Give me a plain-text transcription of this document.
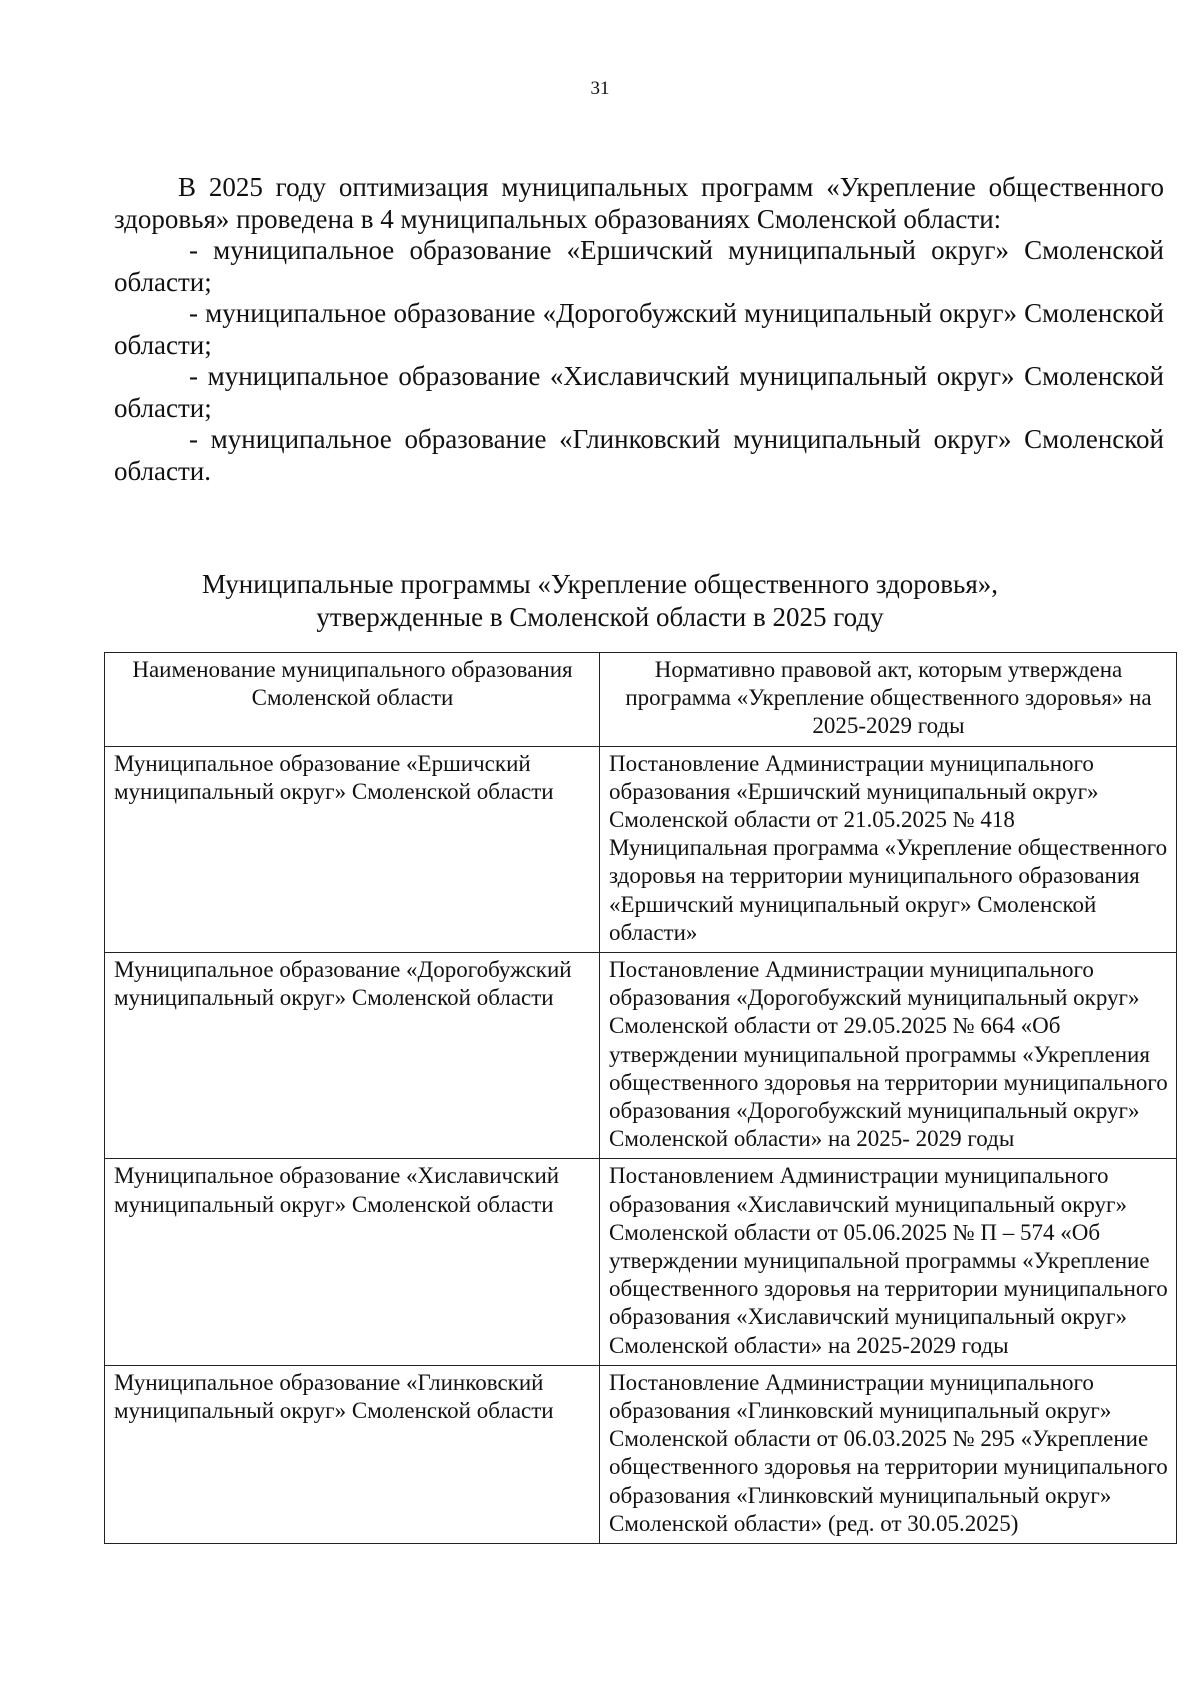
31

В 2025 году оптимизация муниципальных программ «Укрепление общественного здоровья» проведена в 4 муниципальных образованиях Смоленской области:

- муниципальное образование «Ершичский муниципальный округ» Смоленской области;

- муниципальное образование «Дорогобужский муниципальный округ» Смоленской области;

- муниципальное образование «Хиславичский муниципальный округ» Смоленской области;

- муниципальное образование «Глинковский муниципальный округ» Смоленской области.

Муниципальные программы «Укрепление общественного здоровья»,
утвержденные в Смоленской области в 2025 году
Наименование муниципального образования Смоленской области	Нормативно правовой акт, которым утверждена программа «Укрепление общественного здоровья» на 2025-2029 годы
Муниципальное образование «Ершичский муниципальный округ» Смоленской области	Постановление Администрации муниципального образования «Ершичский муниципальный округ» Смоленской области от 21.05.2025 № 418 Муниципальная программа «Укрепление общественного здоровья на территории муниципального образования «Ершичский муниципальный округ» Смоленской области»
Муниципальное образование «Дорогобужский муниципальный округ» Смоленской области	Постановление Администрации муниципального образования «Дорогобужский муниципальный округ» Смоленской области от 29.05.2025 № 664 «Об утверждении муниципальной программы «Укрепления общественного здоровья на территории муниципального образования «Дорогобужский муниципальный округ» Смоленской области» на 2025- 2029 годы
Муниципальное образование «Хиславичский муниципальный округ» Смоленской области	Постановлением Администрации муниципального образования «Хиславичский муниципальный округ» Смоленской области от 05.06.2025 № П – 574 «Об утверждении муниципальной программы «Укрепление общественного здоровья на территории муниципального образования «Хиславичский муниципальный округ» Смоленской области» на 2025-2029 годы
Муниципальное образование «Глинковский муниципальный округ» Смоленской области	Постановление Администрации муниципального образования «Глинковский муниципальный округ» Смоленской области от 06.03.2025 № 295 «Укрепление общественного здоровья на территории муниципального образования «Глинковский муниципальный округ» Смоленской области» (ред. от 30.05.2025)
